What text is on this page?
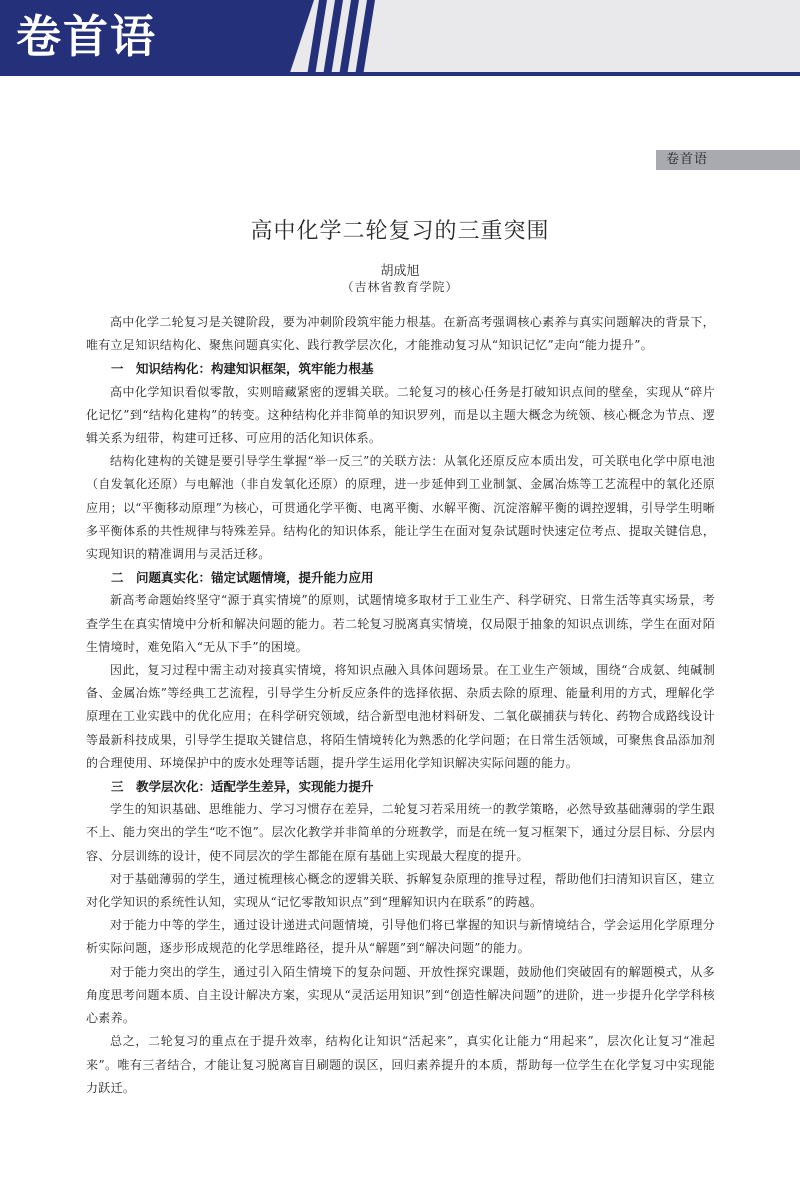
卷首语
卷首语
高中化学二轮复习的三重突围
胡成旭
（吉林省教育学院）

高中化学二轮复习是关键阶段，要为冲刺阶段筑牢能力根基。在新高考强调核心素养与真实问题解决的背景下，唯有立足知识结构化、聚焦问题真实化、践行教学层次化，才能推动复习从“知识记忆”走向“能力提升”。

一　知识结构化：构建知识框架，筑牢能力根基

高中化学知识看似零散，实则暗藏紧密的逻辑关联。二轮复习的核心任务是打破知识点间的壁垒，实现从“碎片化记忆”到“结构化建构”的转变。这种结构化并非简单的知识罗列，而是以主题大概念为统领、核心概念为节点、逻辑关系为纽带，构建可迁移、可应用的活化知识体系。

结构化建构的关键是要引导学生掌握“举一反三”的关联方法：从氧化还原反应本质出发，可关联电化学中原电池（自发氧化还原）与电解池（非自发氧化还原）的原理，进一步延伸到工业制氯、金属冶炼等工艺流程中的氧化还原应用；以“平衡移动原理”为核心，可贯通化学平衡、电离平衡、水解平衡、沉淀溶解平衡的调控逻辑，引导学生明晰多平衡体系的共性规律与特殊差异。结构化的知识体系，能让学生在面对复杂试题时快速定位考点、提取关键信息，实现知识的精准调用与灵活迁移。

二　问题真实化：锚定试题情境，提升能力应用

新高考命题始终坚守“源于真实情境”的原则，试题情境多取材于工业生产、科学研究、日常生活等真实场景，考查学生在真实情境中分析和解决问题的能力。若二轮复习脱离真实情境，仅局限于抽象的知识点训练，学生在面对陌生情境时，难免陷入“无从下手”的困境。

因此，复习过程中需主动对接真实情境，将知识点融入具体问题场景。在工业生产领域，围绕“合成氨、纯碱制备、金属冶炼”等经典工艺流程，引导学生分析反应条件的选择依据、杂质去除的原理、能量利用的方式，理解化学原理在工业实践中的优化应用；在科学研究领域，结合新型电池材料研发、二氧化碳捕获与转化、药物合成路线设计等最新科技成果，引导学生提取关键信息，将陌生情境转化为熟悉的化学问题；在日常生活领域，可聚焦食品添加剂的合理使用、环境保护中的废水处理等话题，提升学生运用化学知识解决实际问题的能力。

三　教学层次化：适配学生差异，实现能力提升

学生的知识基础、思维能力、学习习惯存在差异，二轮复习若采用统一的教学策略，必然导致基础薄弱的学生跟不上、能力突出的学生“吃不饱”。层次化教学并非简单的分班教学，而是在统一复习框架下，通过分层目标、分层内容、分层训练的设计，使不同层次的学生都能在原有基础上实现最大程度的提升。

对于基础薄弱的学生，通过梳理核心概念的逻辑关联、拆解复杂原理的推导过程，帮助他们扫清知识盲区，建立对化学知识的系统性认知，实现从“记忆零散知识点”到“理解知识内在联系”的跨越。

对于能力中等的学生，通过设计递进式问题情境，引导他们将已掌握的知识与新情境结合，学会运用化学原理分析实际问题，逐步形成规范的化学思维路径，提升从“解题”到“解决问题”的能力。

对于能力突出的学生，通过引入陌生情境下的复杂问题、开放性探究课题，鼓励他们突破固有的解题模式，从多角度思考问题本质、自主设计解决方案，实现从“灵活运用知识”到“创造性解决问题”的进阶，进一步提升化学学科核心素养。

总之，二轮复习的重点在于提升效率，结构化让知识“活起来”，真实化让能力“用起来”，层次化让复习“准起来”。唯有三者结合，才能让复习脱离盲目刷题的误区，回归素养提升的本质，帮助每一位学生在化学复习中实现能力跃迁。
